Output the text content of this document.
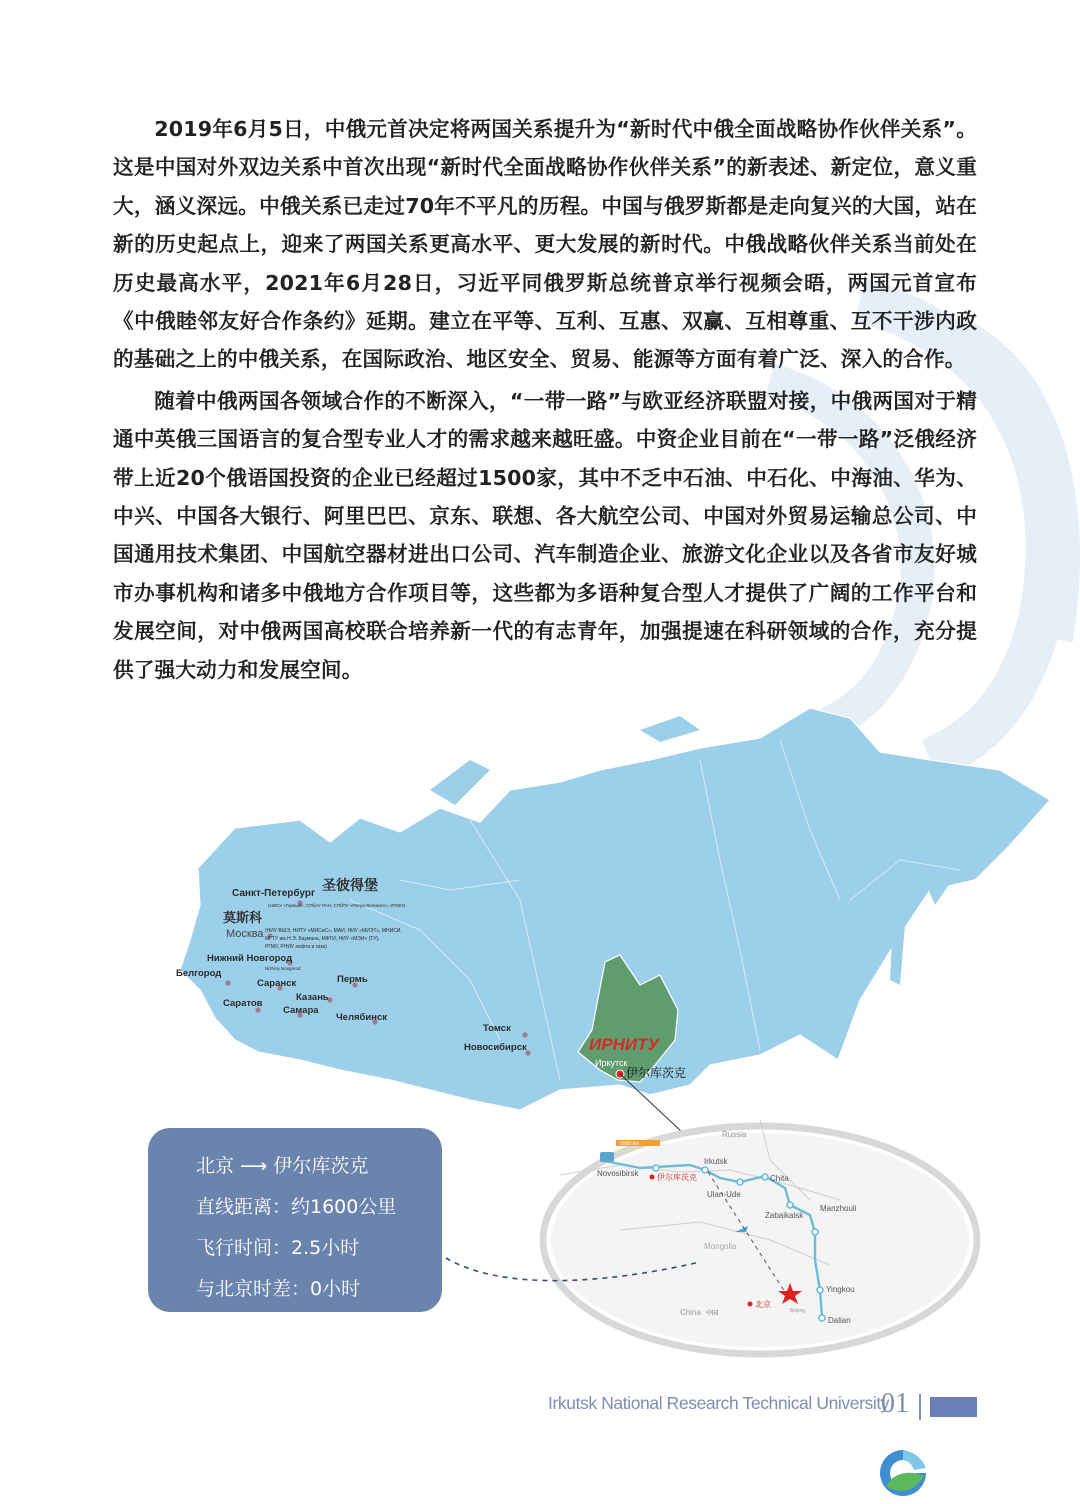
2019年6月5日，中俄元首决定将两国关系提升为“新时代中俄全面战略协作伙伴关系”。这是中国对外双边关系中首次出现“新时代全面战略协作伙伴关系”的新表述、新定位，意义重大，涵义深远。中俄关系已走过70年不平凡的历程。中国与俄罗斯都是走向复兴的大国，站在新的历史起点上，迎来了两国关系更高水平、更大发展的新时代。中俄战略伙伴关系当前处在历史最高水平，2021年6月28日，习近平同俄罗斯总统普京举行视频会晤，两国元首宣布《中俄睦邻友好合作条约》延期。建立在平等、互利、互惠、双赢、互相尊重、互不干涉内政的基础之上的中俄关系，在国际政治、地区安全、贸易、能源等方面有着广泛、深入的合作。

随着中俄两国各领域合作的不断深入，“一带一路”与欧亚经济联盟对接，中俄两国对于精通中英俄三国语言的复合型专业人才的需求越来越旺盛。中资企业目前在“一带一路”泛俄经济带上近20个俄语国投资的企业已经超过1500家，其中不乏中石油、中石化、中海油、华为、中兴、中国各大银行、阿里巴巴、京东、联想、各大航空公司、中国对外贸易运输总公司、中国通用技术集团、中国航空器材进出口公司、汽车制造企业、旅游文化企业以及各省市友好城市办事机构和诸多中俄地方合作项目等，这些都为多语种复合型人才提供了广阔的工作平台和发展空间，对中俄两国高校联合培养新一代的有志青年，加强提速在科研领域的合作，充分提供了强大动力和发展空间。

Санкт-Петербург
圣彼得堡
(НИСУ «Горный», СПбАУ РАН, СПбПУ «Петра Великого», ИТМО)
莫斯科
Москва (НИУ ВШЭ, НИТУ «МИСиС», МАИ, НИУ «МИЭТ», МНИСИ,
МГТУ им Н.Э. Баумана, МФТИ, НИУ «МЭИ» (ТУ),
РГМУ, РНИУ нефти и газа)
Нижний Новгород
Nizhniy Novgorod
Белгород
Саранск	Пермь
Саратов
Казань
Самара
Челябинск
Томск
Новосибирск	ИРНИТУ
Иркутск
伊尔库茨克
5000 km
Russia
Novosibirsk 伊尔库茨克
Irkutsk
Ulan-Ude
Chita
Zabaikalsk
Manzhouli
Mongolia
Yingkou
北京
China 中国
Dalian
Beijing
北京 ⟶ 伊尔库茨克
直线距离：约1600公里
飞行时间：2.5小时
与北京时差：0小时
Irkutsk National Research Technical University
01
